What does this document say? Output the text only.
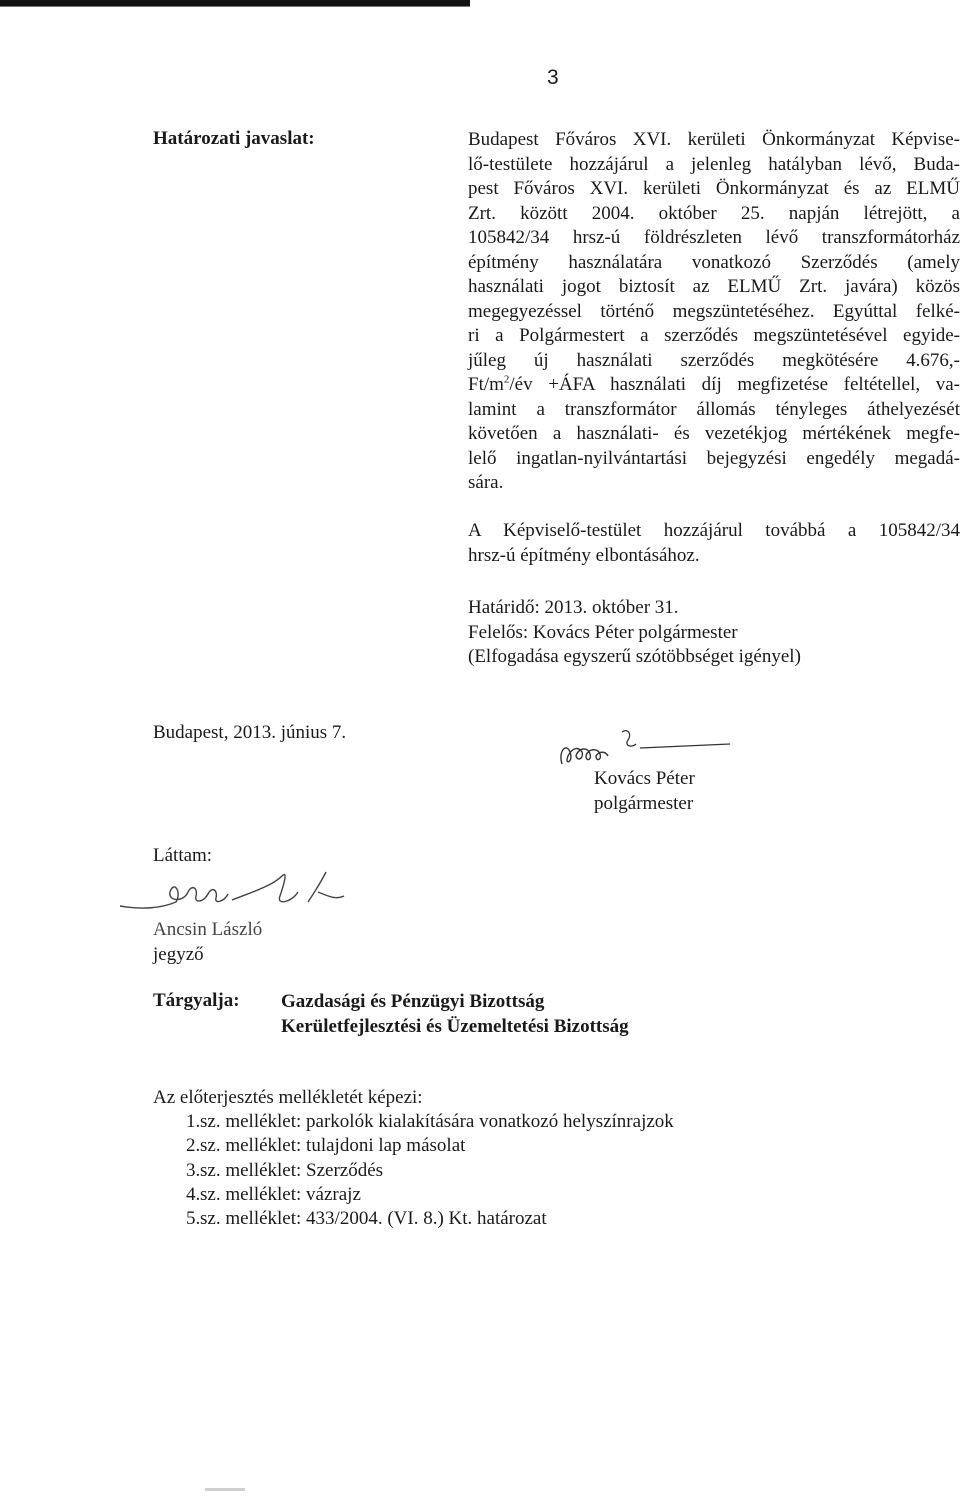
3
Határozati javaslat:	Budapest Főváros XVI. kerületi Önkormányzat Képvise-
lő-testülete hozzájárul a jelenleg hatályban lévő, Buda-
pest Főváros XVI. kerületi Önkormányzat és az ELMŰ
Zrt. között 2004. október 25. napján létrejött, a
105842/34 hrsz-ú földrészleten lévő transzformátorház
építmény használatára vonatkozó Szerződés (amely
használati jogot biztosít az ELMŰ Zrt. javára) közös
megegyezéssel történő megszüntetéséhez. Egyúttal felké-
ri a Polgármestert a szerződés megszüntetésével egyide-
jűleg új használati szerződés megkötésére 4.676,-
$Ft/m^2/év$ +ÁFA használati díj megfizetése feltétellel, va-
lamint a transzformátor állomás tényleges áthelyezését
követően a használati- és vezetékjog mértékének megfe-
lelő ingatlan-nyilvántartási bejegyzési engedély megadá-
sára.
A Képviselő-testület hozzájárul továbbá a 105842/34
hrsz-ú építmény elbontásához.
Határidő: 2013. október 31.
Felelős: Kovács Péter polgármester
(Elfogadása egyszerű szótöbbséget igényel)
Budapest, 2013. június 7.
Kovács Péter
polgármester
Láttam:
Ancsin László
jegyző
Tárgyalja: Gazdasági és Pénzügyi Bizottság
Kerületfejlesztési és Üzemeltetési Bizottság
Az előterjesztés mellékletét képezi:
1. sz. melléklet: parkolók kialakítására vonatkozó helyszínrajzok
2. sz. melléklet: tulajdoni lap másolat
3. sz. melléklet: Szerződés
4. sz. melléklet: vázrajz
5. sz. melléklet: 433/2004. (VI. 8.) Kt. határozat
